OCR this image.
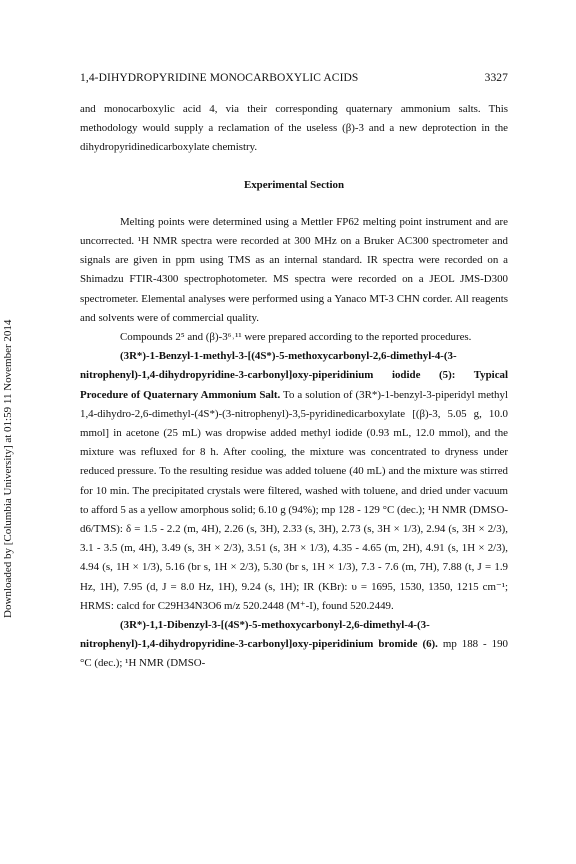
1,4-DIHYDROPYRIDINE MONOCARBOXYLIC ACIDS	3327
Downloaded by [Columbia University] at 01:59 11 November 2014

and monocarboxylic acid 4, via their corresponding quaternary ammonium salts. This methodology would supply a reclamation of the useless (β)-3 and a new deprotection in the dihydropyridinedicarboxylate chemistry.

Experimental Section

Melting points were determined using a Mettler FP62 melting point instrument and are uncorrected. ¹H NMR spectra were recorded at 300 MHz on a Bruker AC300 spectrometer and signals are given in ppm using TMS as an internal standard. IR spectra were recorded on a Shimadzu FTIR-4300 spectrophotometer. MS spectra were recorded on a JEOL JMS-D300 spectrometer. Elemental analyses were performed using a Yanaco MT-3 CHN corder. All reagents and solvents were of commercial quality.

Compounds 2⁵ and (β)-3⁶˒¹¹ were prepared according to the reported procedures.

(3R*)-1-Benzyl-1-methyl-3-[(4S*)-5-methoxycarbonyl-2,6-dimethyl-4-(3-nitrophenyl)-1,4-dihydropyridine-3-carbonyl]oxy-piperidinium iodide (5): Typical Procedure of Quaternary Ammonium Salt. To a solution of (3R*)-1-benzyl-3-piperidyl methyl 1,4-dihydro-2,6-dimethyl-(4S*)-(3-nitrophenyl)-3,5-pyridinedicarboxylate [(β)-3, 5.05 g, 10.0 mmol] in acetone (25 mL) was dropwise added methyl iodide (0.93 mL, 12.0 mmol), and the mixture was refluxed for 8 h. After cooling, the mixture was concentrated to dryness under reduced pressure. To the resulting residue was added toluene (40 mL) and the mixture was stirred for 10 min. The precipitated crystals were filtered, washed with toluene, and dried under vacuum to afford 5 as a yellow amorphous solid; 6.10 g (94%); mp 128 - 129 °C (dec.); ¹H NMR (DMSO-d6/TMS): δ = 1.5 - 2.2 (m, 4H), 2.26 (s, 3H), 2.33 (s, 3H), 2.73 (s, 3H × 1/3), 2.94 (s, 3H × 2/3), 3.1 - 3.5 (m, 4H), 3.49 (s, 3H × 2/3), 3.51 (s, 3H × 1/3), 4.35 - 4.65 (m, 2H), 4.91 (s, 1H × 2/3), 4.94 (s, 1H × 1/3), 5.16 (br s, 1H × 2/3), 5.30 (br s, 1H × 1/3), 7.3 - 7.6 (m, 7H), 7.88 (t, J = 1.9 Hz, 1H), 7.95 (d, J = 8.0 Hz, 1H), 9.24 (s, 1H); IR (KBr): υ = 1695, 1530, 1350, 1215 cm⁻¹; HRMS: calcd for C29H34N3O6 m/z 520.2448 (M⁺-I), found 520.2449.

(3R*)-1,1-Dibenzyl-3-[(4S*)-5-methoxycarbonyl-2,6-dimethyl-4-(3-nitrophenyl)-1,4-dihydropyridine-3-carbonyl]oxy-piperidinium bromide (6). mp 188 - 190 °C (dec.); ¹H NMR (DMSO-
